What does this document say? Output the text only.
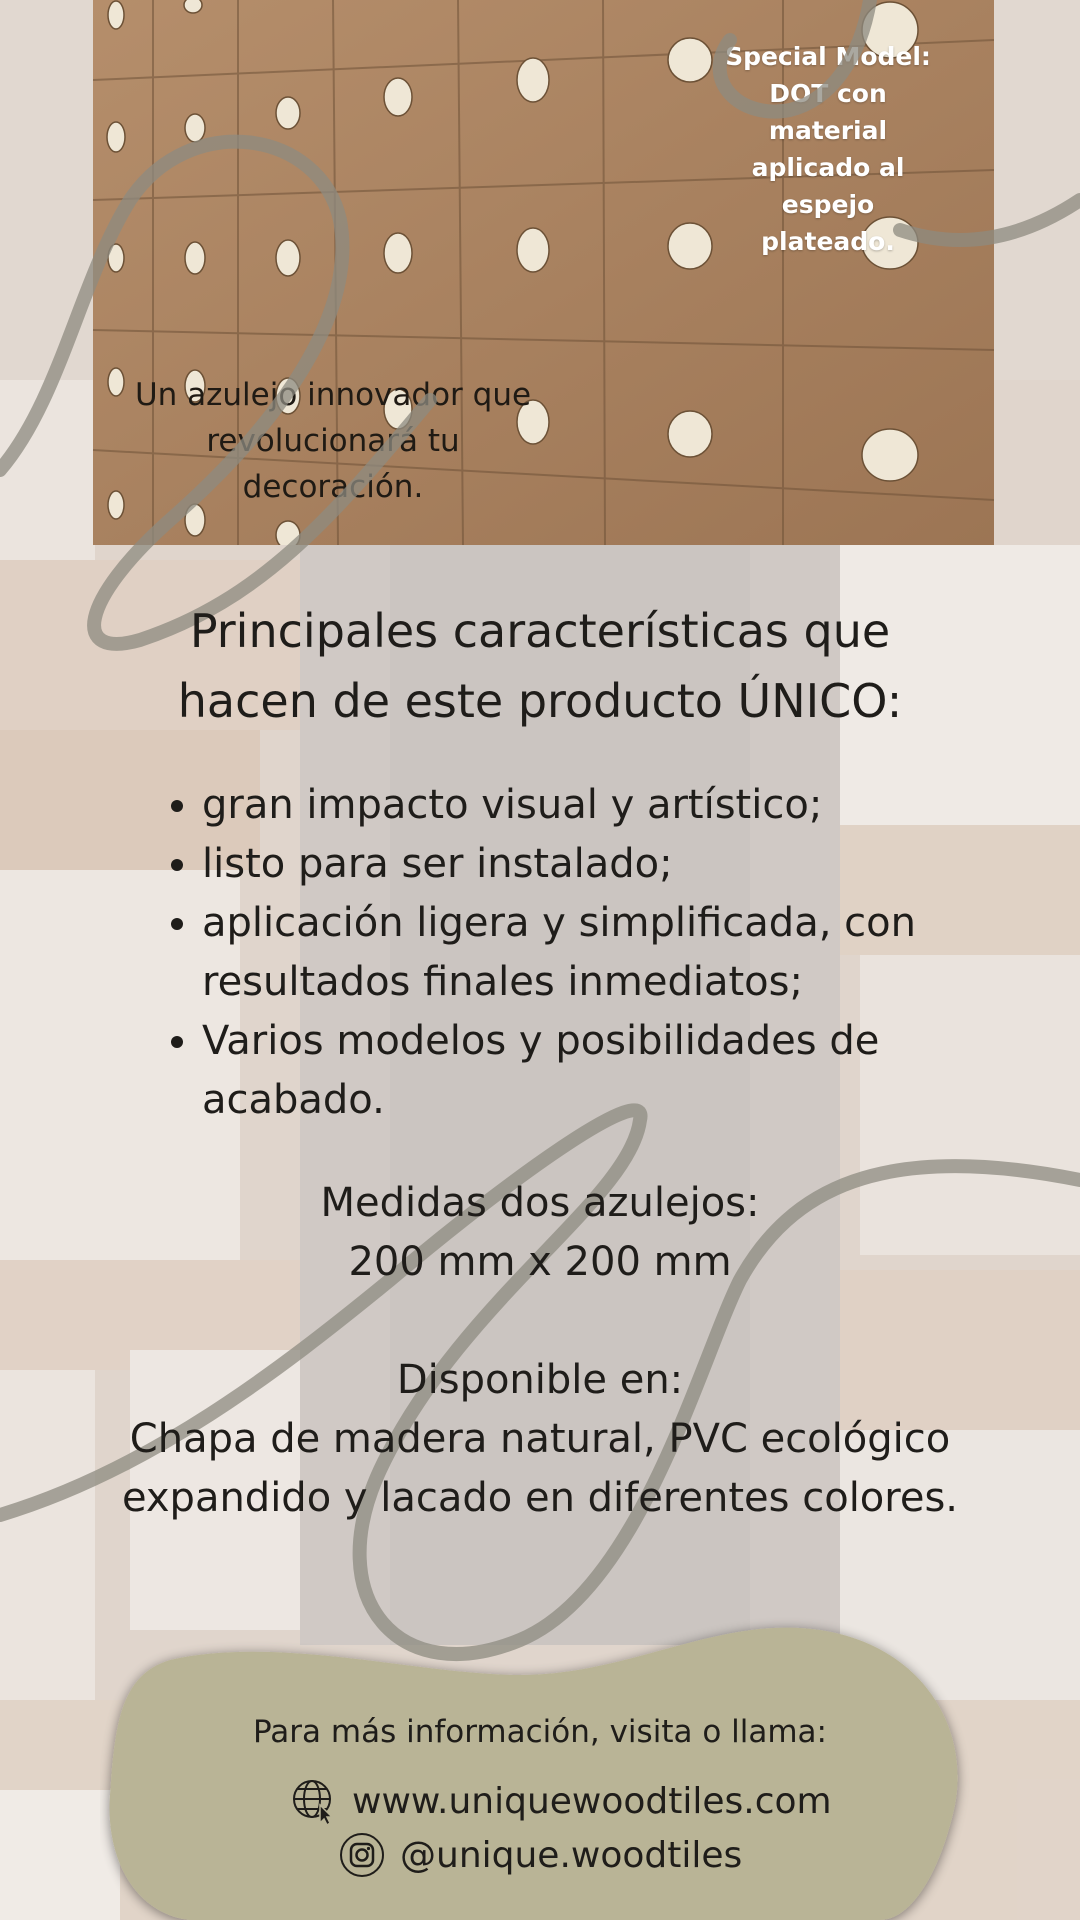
Un azulejo innovador que
revolucionará tu
decoración.
Special Model:
DOT con material
aplicado al espejo
plateado.
Principales características que
hacen de este producto ÚNICO:
• gran impacto visual y artístico;
• listo para ser instalado;
• aplicación ligera y simplificada, con resultados finales inmediatos;
• Varios modelos y posibilidades de acabado.
Medidas dos azulejos:
200 mm x 200 mm
Disponible en:
Chapa de madera natural, PVC ecológico expandido y lacado en diferentes colores.
Para más información, visita o llama:
www.uniquewoodtiles.com
@unique.woodtiles
